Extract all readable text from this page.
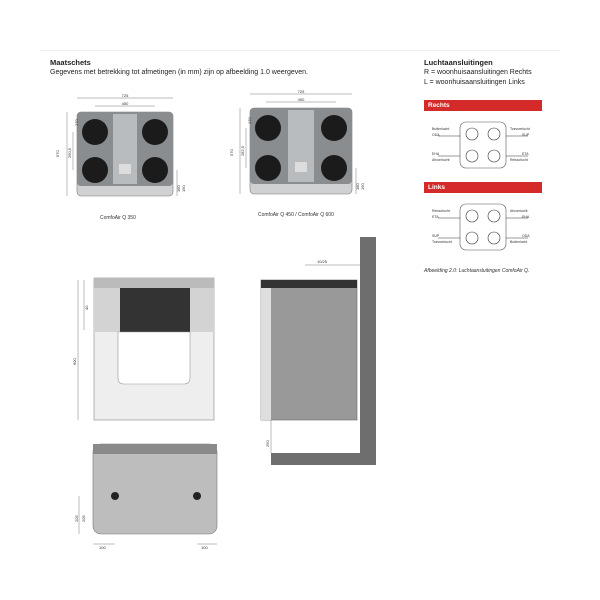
Maatschets
Gegevens met betrekking tot afmetingen (in mm) zijn op afbeelding 1.0 weergeven.
Luchtaansluitingen
R = woonhuisaansluitingen Rechts
L = woonhuisaansluitingen Links
Rechts
Links
725
450
570 260,5
170
160 190
ComfoAir Q 350
725
490
570 282,5
170
180 190
ComfoAir Q 450 / ComfoAir Q 600
40
600
10/25
250
205 205
100	100
Buitenlucht
ODA
Toevoerlucht
SUP
EHA
Afvoerlucht
ETA
Retourlucht
Retourlucht
ETA
Afvoerlucht
EHA
SUP
Toevoerlucht
ODA
Buitenlucht
Afbeelding 2.0: Luchtaansluitingen ComfoAir Q.
